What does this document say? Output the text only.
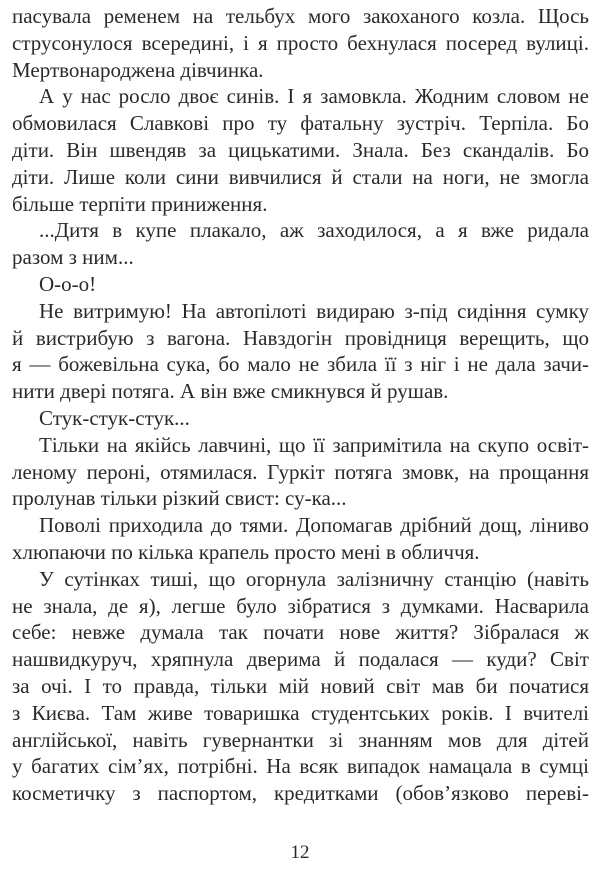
пасувала ременем на тельбух мого закоханого козла. Щось
струсонулося всередині, і я просто бехнулася посеред вулиці.
Мертвонароджена дівчинка.
А у нас росло двоє синів. І я замовкла. Жодним словом не
обмовилася Славкові про ту фатальну зустріч. Терпіла. Бо
діти. Він швендяв за цицькатими. Знала. Без скандалів. Бо
діти. Лише коли сини вивчилися й стали на ноги, не змогла
більше терпіти приниження.
...Дитя в купе плакало, аж заходилося, а я вже ридала
разом з ним...
О-о-о!
Не витримую! На автопілоті видираю з-під сидіння сумку
й вистрибую з вагона. Навздогін провідниця верещить, що
я — божевільна сука, бо мало не збила її з ніг і не дала зачи-
нити двері потяга. А він вже смикнувся й рушав.
Стук-стук-стук...
Тільки на якійсь лавчині, що її запримітила на скупо освіт-
леному пероні, отямилася. Гуркіт потяга змовк, на прощання
пролунав тільки різкий свист: су-ка...
Поволі приходила до тями. Допомагав дрібний дощ, ліниво
хлюпаючи по кілька крапель просто мені в обличчя.
У сутінках тиші, що огорнула залізничну станцію (навіть
не знала, де я), легше було зібратися з думками. Насварила
себе: невже думала так почати нове життя? Зібралася ж
нашвидкуруч, хряпнула дверима й подалася — куди? Світ
за очі. І то правда, тільки мій новий світ мав би початися
з Києва. Там живе товаришка студентських років. І вчителі
англійської, навіть гувернантки зі знанням мов для дітей
у багатих сім’ях, потрібні. На всяк випадок намацала в сумці
косметичку з паспортом, кредитками (обов’язково переві-
12
